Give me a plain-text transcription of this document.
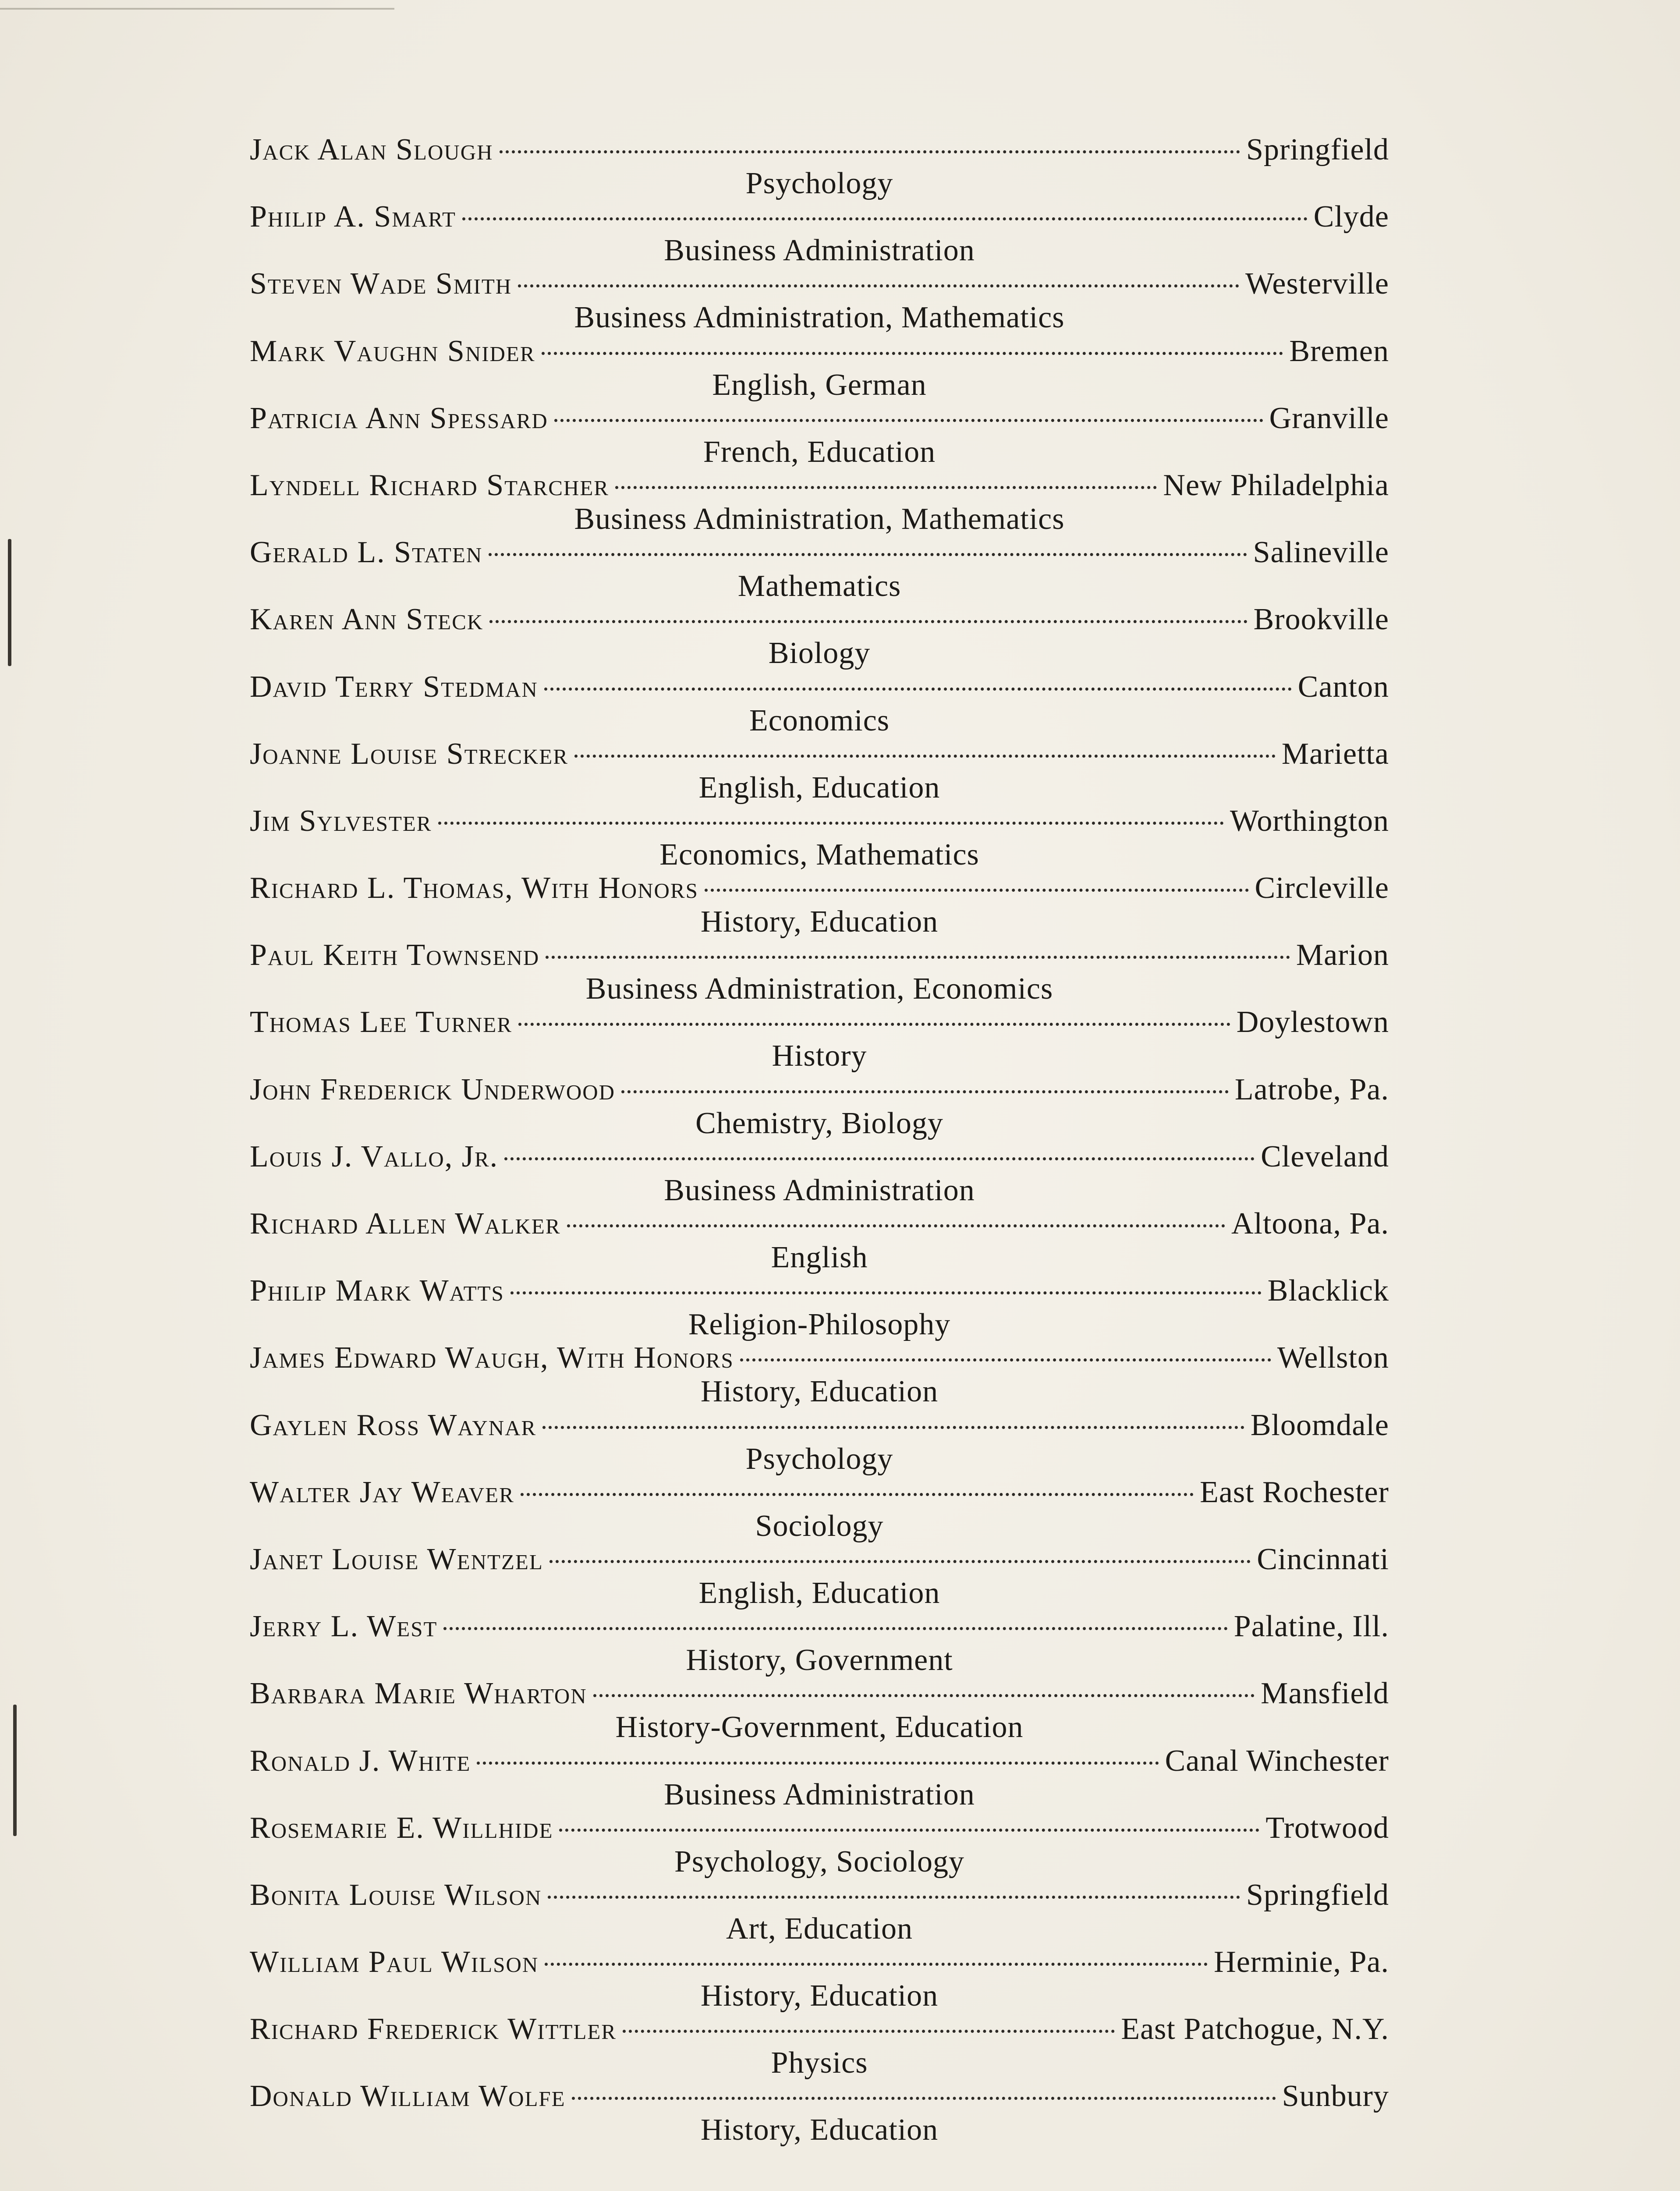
Jack Alan Slough	Springfield
Psychology
Philip A. Smart	Clyde
Business Administration
Steven Wade Smith	Westerville
Business Administration, Mathematics
Mark Vaughn Snider	Bremen
English, German
Patricia Ann Spessard	Granville
French, Education
Lyndell Richard Starcher	New Philadelphia
Business Administration, Mathematics
Gerald L. Staten	Salineville
Mathematics
Karen Ann Steck	Brookville
Biology
David Terry Stedman	Canton
Economics
Joanne Louise Strecker	Marietta
English, Education
Jim Sylvester	Worthington
Economics, Mathematics
Richard L. Thomas, With Honors	Circleville
History, Education
Paul Keith Townsend	Marion
Business Administration, Economics
Thomas Lee Turner	Doylestown
History
John Frederick Underwood	Latrobe, Pa.
Chemistry, Biology
Louis J. Vallo, Jr.	Cleveland
Business Administration
Richard Allen Walker	Altoona, Pa.
English
Philip Mark Watts	Blacklick
Religion-Philosophy
James Edward Waugh, With Honors	Wellston
History, Education
Gaylen Ross Waynar	Bloomdale
Psychology
Walter Jay Weaver	East Rochester
Sociology
Janet Louise Wentzel	Cincinnati
English, Education
Jerry L. West	Palatine, Ill.
History, Government
Barbara Marie Wharton	Mansfield
History-Government, Education
Ronald J. White	Canal Winchester
Business Administration
Rosemarie E. Willhide	Trotwood
Psychology, Sociology
Bonita Louise Wilson	Springfield
Art, Education
William Paul Wilson	Herminie, Pa.
History, Education
Richard Frederick Wittler	East Patchogue, N.Y.
Physics
Donald William Wolfe	Sunbury
History, Education
